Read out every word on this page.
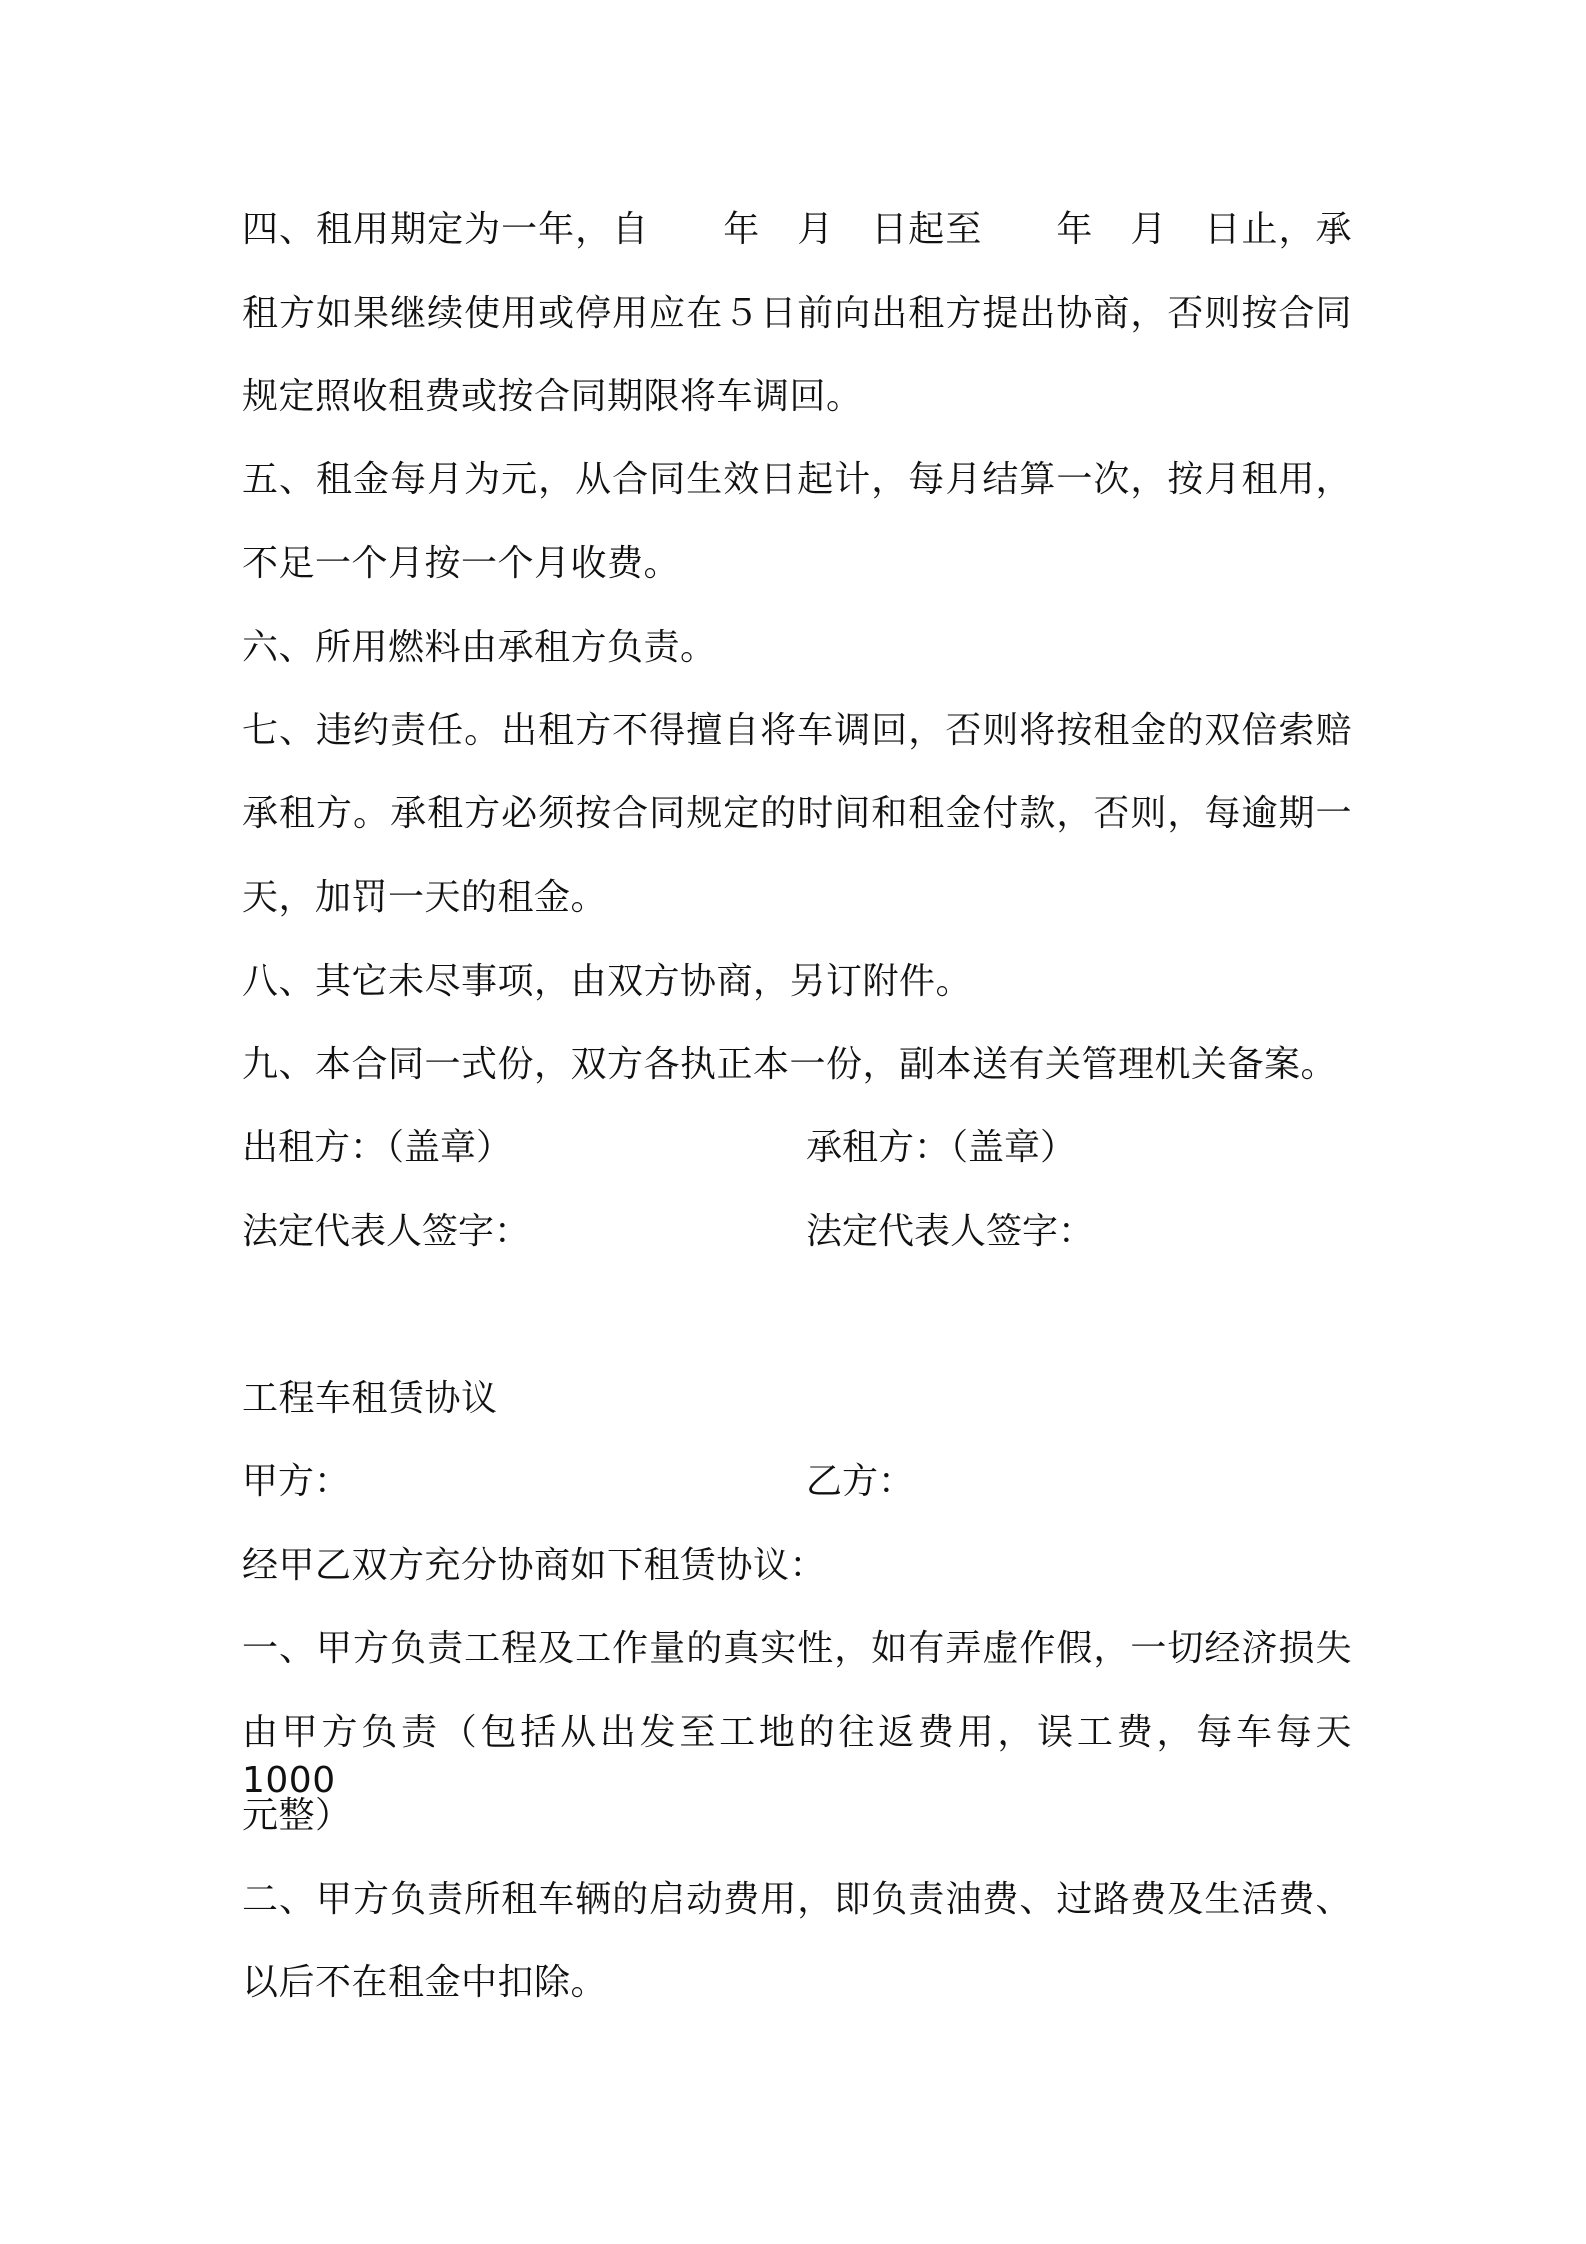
四、租用期定为一年，自　　年　月　日起至　　年　月　日止，承
租方如果继续使用或停用应在５日前向出租方提出协商，否则按合同
规定照收租费或按合同期限将车调回。
五、租金每月为元，从合同生效日起计，每月结算一次，按月租用，
不足一个月按一个月收费。
六、所用燃料由承租方负责。
七、违约责任。出租方不得擅自将车调回，否则将按租金的双倍索赔
承租方。承租方必须按合同规定的时间和租金付款，否则，每逾期一
天，加罚一天的租金。
八、其它未尽事项，由双方协商，另订附件。
九、本合同一式份，双方各执正本一份，副本送有关管理机关备案。
出租方：（盖章）	承租方：（盖章）
法定代表人签字：	法定代表人签字：
工程车租赁协议
甲方：	乙方：
经甲乙双方充分协商如下租赁协议：
一、甲方负责工程及工作量的真实性，如有弄虚作假，一切经济损失
由甲方负责（包括从出发至工地的往返费用，误工费，每车每天 1000
元整）
二、甲方负责所租车辆的启动费用，即负责油费、过路费及生活费、
以后不在租金中扣除。
